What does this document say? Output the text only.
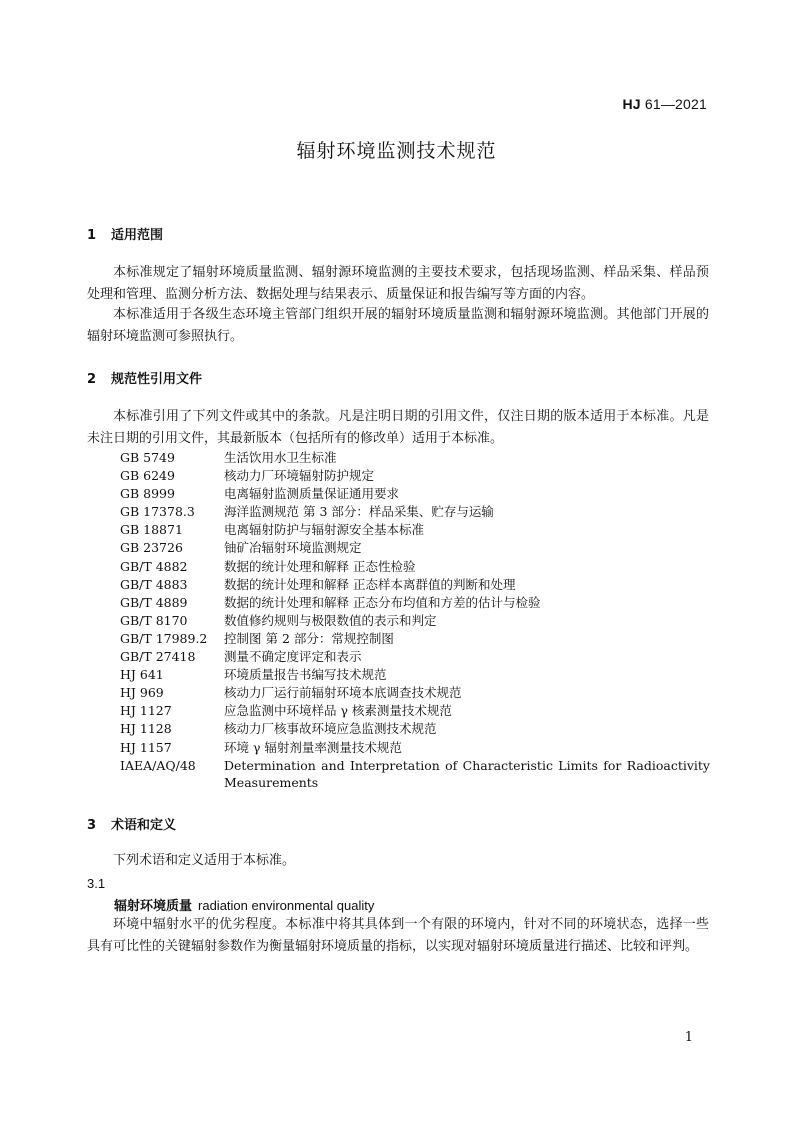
HJ 61—2021
辐射环境监测技术规范
1 适用范围
本标准规定了辐射环境质量监测、辐射源环境监测的主要技术要求，包括现场监测、样品采集、样品预处理和管理、监测分析方法、数据处理与结果表示、质量保证和报告编写等方面的内容。
本标准适用于各级生态环境主管部门组织开展的辐射环境质量监测和辐射源环境监测。其他部门开展的辐射环境监测可参照执行。
2 规范性引用文件
本标准引用了下列文件或其中的条款。凡是注明日期的引用文件，仅注日期的版本适用于本标准。凡是未注日期的引用文件，其最新版本（包括所有的修改单）适用于本标准。
GB 5749	生活饮用水卫生标准
GB 6249	核动力厂环境辐射防护规定
GB 8999	电离辐射监测质量保证通用要求
GB 17378.3	海洋监测规范 第 3 部分：样品采集、贮存与运输
GB 18871	电离辐射防护与辐射源安全基本标准
GB 23726	铀矿冶辐射环境监测规定
GB/T 4882	数据的统计处理和解释 正态性检验
GB/T 4883	数据的统计处理和解释 正态样本离群值的判断和处理
GB/T 4889	数据的统计处理和解释 正态分布均值和方差的估计与检验
GB/T 8170	数值修约规则与极限数值的表示和判定
GB/T 17989.2	控制图 第 2 部分：常规控制图
GB/T 27418	测量不确定度评定和表示
HJ 641	环境质量报告书编写技术规范
HJ 969	核动力厂运行前辐射环境本底调查技术规范
HJ 1127	应急监测中环境样品 γ 核素测量技术规范
HJ 1128	核动力厂核事故环境应急监测技术规范
HJ 1157	环境 γ 辐射剂量率测量技术规范
IAEA/AQ/48	Determination and Interpretation of Characteristic Limits for Radioactivity Measurements
3 术语和定义
下列术语和定义适用于本标准。
3.1
辐射环境质量 radiation environmental quality
环境中辐射水平的优劣程度。本标准中将其具体到一个有限的环境内，针对不同的环境状态，选择一些具有可比性的关键辐射参数作为衡量辐射环境质量的指标，以实现对辐射环境质量进行描述、比较和评判。
1
